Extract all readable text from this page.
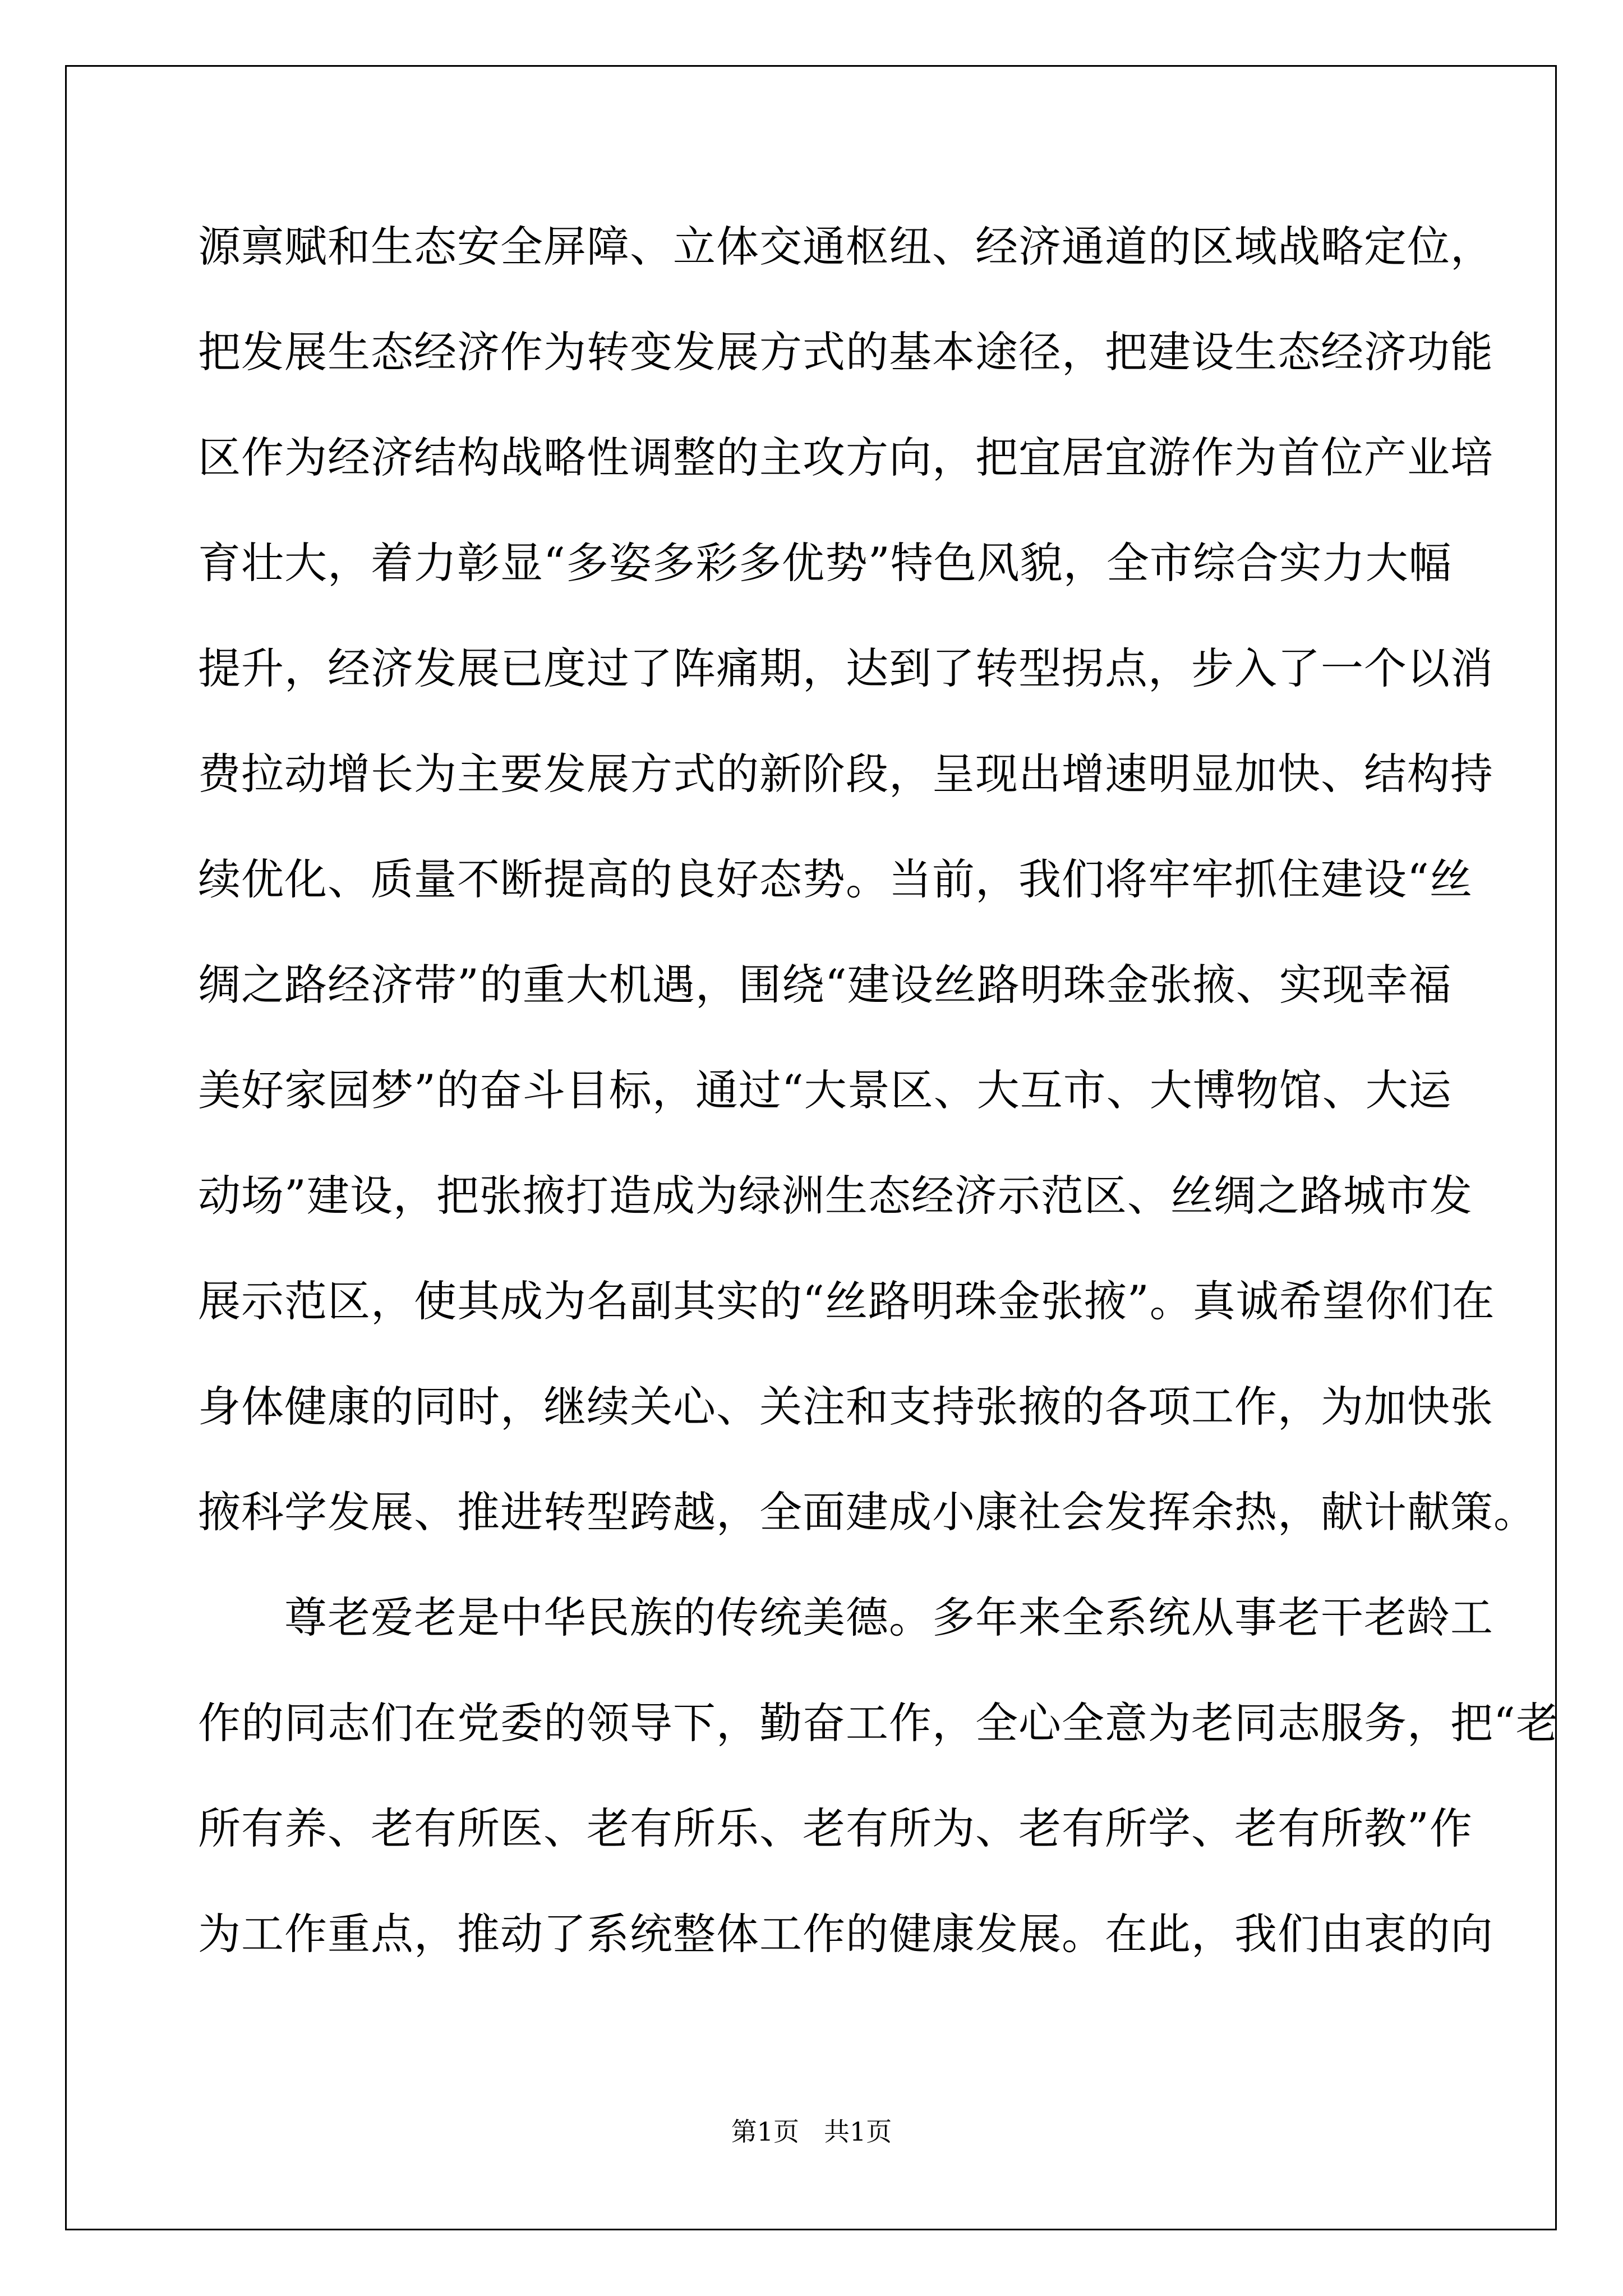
源禀赋和生态安全屏障、立体交通枢纽、经济通道的区域战略定位，

把发展生态经济作为转变发展方式的基本途径，把建设生态经济功能

区作为经济结构战略性调整的主攻方向，把宜居宜游作为首位产业培

育壮大，着力彰显“多姿多彩多优势”特色风貌，全市综合实力大幅

提升，经济发展已度过了阵痛期，达到了转型拐点，步入了一个以消

费拉动增长为主要发展方式的新阶段，呈现出增速明显加快、结构持

续优化、质量不断提高的良好态势。当前，我们将牢牢抓住建设“丝

绸之路经济带”的重大机遇，围绕“建设丝路明珠金张掖、实现幸福

美好家园梦”的奋斗目标，通过“大景区、大互市、大博物馆、大运

动场”建设，把张掖打造成为绿洲生态经济示范区、丝绸之路城市发

展示范区，使其成为名副其实的“丝路明珠金张掖”。真诚希望你们在

身体健康的同时，继续关心、关注和支持张掖的各项工作，为加快张

掖科学发展、推进转型跨越，全面建成小康社会发挥余热，献计献策。

　　尊老爱老是中华民族的传统美德。多年来全系统从事老干老龄工

作的同志们在党委的领导下，勤奋工作，全心全意为老同志服务，把“老

所有养、老有所医、老有所乐、老有所为、老有所学、老有所教”作

为工作重点，推动了系统整体工作的健康发展。在此，我们由衷的向

第1页 共1页
